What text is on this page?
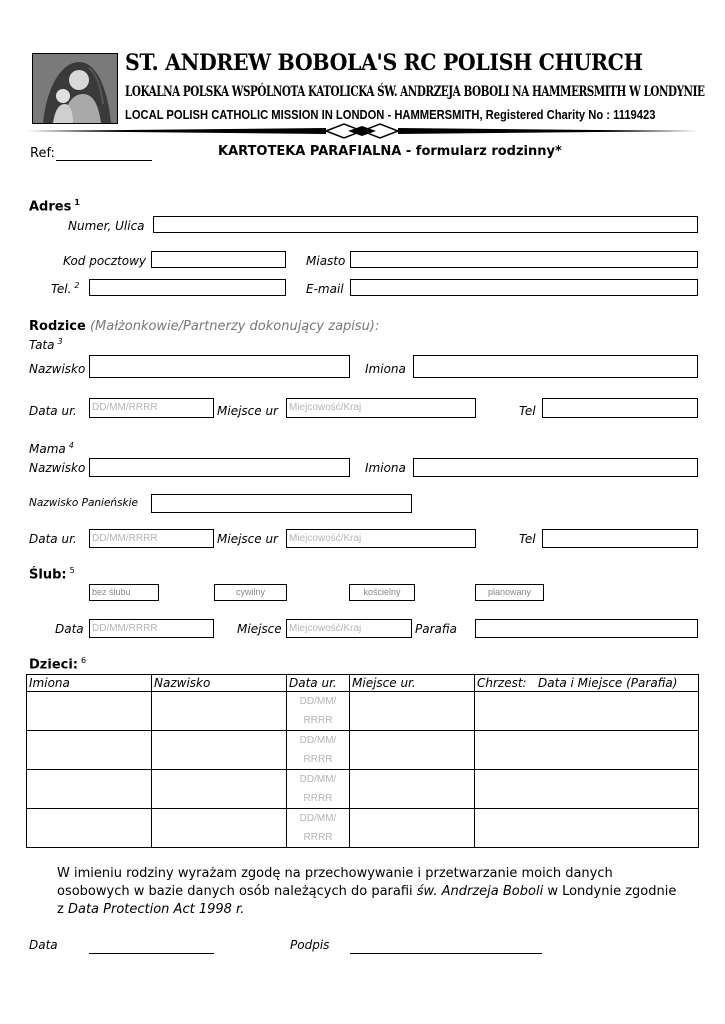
ST. ANDREW BOBOLA'S RC POLISH CHURCH
LOKALNA POLSKA WSPÓLNOTA KATOLICKA ŚW. ANDRZEJA BOBOLI NA HAMMERSMITH W LONDYNIE
LOCAL POLISH CATHOLIC MISSION IN LONDON - HAMMERSMITH, Registered Charity No : 1119423
Ref:	KARTOTEKA PARAFIALNA - formularz rodzinny*
Adres $^1$
Numer, Ulica
Kod pocztowy	Miasto
Tel. $^2$	E-mail
Rodzice (Małżonkowie/Partnerzy dokonujący zapisu):
Tata $^3$
Nazwisko	Imiona
Data ur. DD/MM/RRRR	Miejsce ur Miejcowość/Kraj	Tel
Mama $^4$
Nazwisko	Imiona
Nazwisko Panieńskie
Data ur. DD/MM/RRRR	Miejsce ur Miejcowość/Kraj	Tel
Ślub: $^5$
bez ślubu	cywilny	kościelny	planowany
Data DD/MM/RRRR	Miejsce Miejcowość/Kraj	Parafia
Dzieci: $^6$
Imiona	Nazwisko	Data ur.	Miejsce ur.	Chrzest:   Data i Miejsce (Parafia)

		DD/MM/
RRRR		

		DD/MM/
RRRR		

		DD/MM/
RRRR		

		DD/MM/
RRRR		

W imieniu rodziny wyrażam zgodę na przechowywanie i przetwarzanie moich danych osobowych w bazie danych osób należących do parafii św. Andrzeja Boboli w Londynie zgodnie z Data Protection Act 1998 r.
Data	Podpis
